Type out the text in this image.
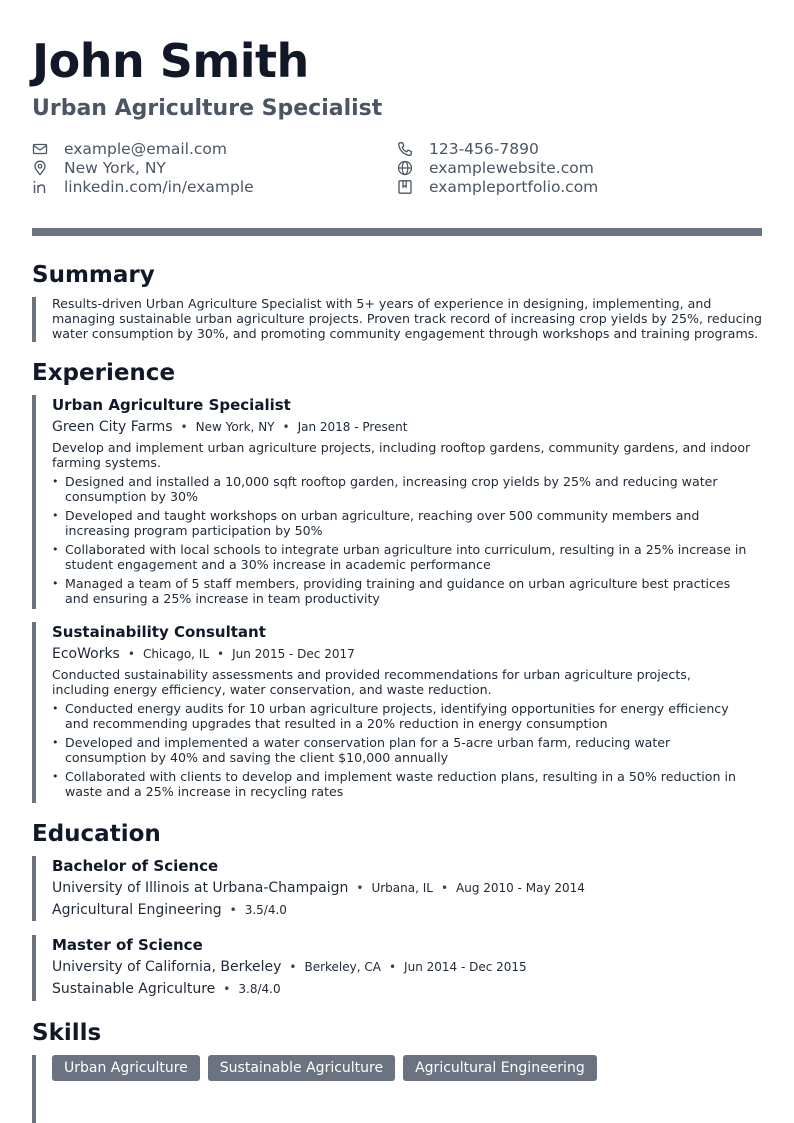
John Smith
Urban Agriculture Specialist
example@email.com
New York, NY
linkedin.com/in/example
123-456-7890
examplewebsite.com
exampleportfolio.com
Summary
Results-driven Urban Agriculture Specialist with 5+ years of experience in designing, implementing, and managing sustainable urban agriculture projects. Proven track record of increasing crop yields by 25%, reducing water consumption by 30%, and promoting community engagement through workshops and training programs.
Experience
Urban Agriculture Specialist
Green City Farms • New York, NY • Jan 2018 - Present
Develop and implement urban agriculture projects, including rooftop gardens, community gardens, and indoor farming systems.
• Designed and installed a 10,000 sqft rooftop garden, increasing crop yields by 25% and reducing water consumption by 30%
• Developed and taught workshops on urban agriculture, reaching over 500 community members and increasing program participation by 50%
• Collaborated with local schools to integrate urban agriculture into curriculum, resulting in a 25% increase in student engagement and a 30% increase in academic performance
• Managed a team of 5 staff members, providing training and guidance on urban agriculture best practices and ensuring a 25% increase in team productivity
Sustainability Consultant
EcoWorks • Chicago, IL • Jun 2015 - Dec 2017
Conducted sustainability assessments and provided recommendations for urban agriculture projects, including energy efficiency, water conservation, and waste reduction.
• Conducted energy audits for 10 urban agriculture projects, identifying opportunities for energy efficiency and recommending upgrades that resulted in a 20% reduction in energy consumption
• Developed and implemented a water conservation plan for a 5-acre urban farm, reducing water consumption by 40% and saving the client $10,000 annually
• Collaborated with clients to develop and implement waste reduction plans, resulting in a 50% reduction in waste and a 25% increase in recycling rates
Education
Bachelor of Science
University of Illinois at Urbana-Champaign • Urbana, IL • Aug 2010 - May 2014
Agricultural Engineering • 3.5/4.0
Master of Science
University of California, Berkeley • Berkeley, CA • Jun 2014 - Dec 2015
Sustainable Agriculture • 3.8/4.0
Skills
Urban Agriculture	Sustainable Agriculture	Agricultural Engineering
